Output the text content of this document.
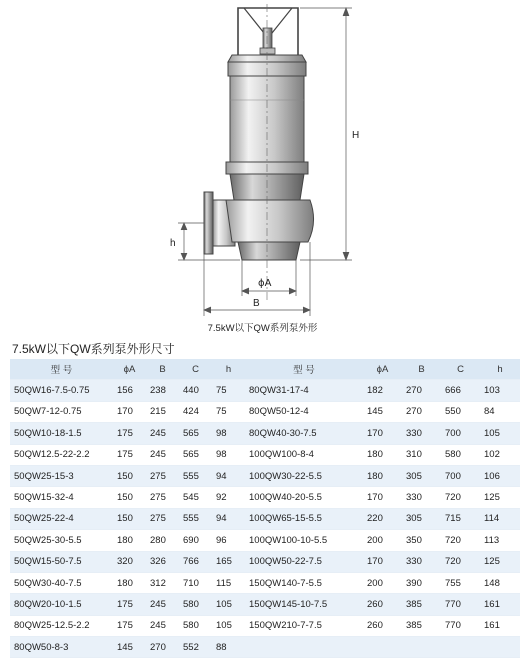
H
h
ϕA
B
7.5kW以下QW系列泵外形
7.5kW以下QW系列泵外形尺寸
型 号	ϕA	B	C	h	型 号	ϕA	B	C	h
50QW16-7.5-0.75	156	238	440	75	80QW31-17-4	182	270	666	103
50QW7-12-0.75	170	215	424	75	80QW50-12-4	145	270	550	84
50QW10-18-1.5	175	245	565	98	80QW40-30-7.5	170	330	700	105
50QW12.5-22-2.2	175	245	565	98	100QW100-8-4	180	310	580	102
50QW25-15-3	150	275	555	94	100QW30-22-5.5	180	305	700	106
50QW15-32-4	150	275	545	92	100QW40-20-5.5	170	330	720	125
50QW25-22-4	150	275	555	94	100QW65-15-5.5	220	305	715	114
50QW25-30-5.5	180	280	690	96	100QW100-10-5.5	200	350	720	113
50QW15-50-7.5	320	326	766	165	100QW50-22-7.5	170	330	720	125
50QW30-40-7.5	180	312	710	115	150QW140-7-5.5	200	390	755	148
80QW20-10-1.5	175	245	580	105	150QW145-10-7.5	260	385	770	161
80QW25-12.5-2.2	175	245	580	105	150QW210-7-7.5	260	385	770	161
80QW50-8-3	145	270	552	88					
